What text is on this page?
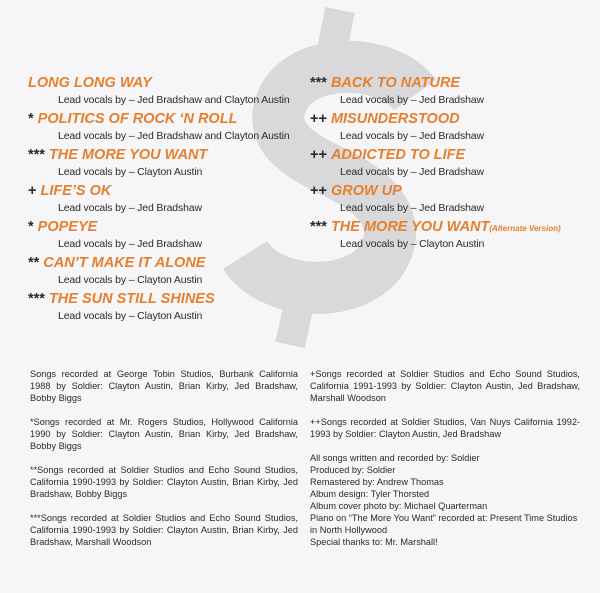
LONG LONG WAY
Lead vocals by – Jed Bradshaw and Clayton Austin
* POLITICS OF ROCK ‘N ROLL
Lead vocals by – Jed Bradshaw and Clayton Austin
*** THE MORE YOU WANT
Lead vocals by – Clayton Austin
+ LIFE’S OK
Lead vocals by – Jed Bradshaw
* POPEYE
Lead vocals by – Jed Bradshaw
** CAN’T MAKE IT ALONE
Lead vocals by – Clayton Austin
*** THE SUN STILL SHINES
Lead vocals by – Clayton Austin
*** BACK TO NATURE
Lead vocals by – Jed Bradshaw
++ MISUNDERSTOOD
Lead vocals by – Jed Bradshaw
++ ADDICTED TO LIFE
Lead vocals by – Jed Bradshaw
++ GROW UP
Lead vocals by – Jed Bradshaw
*** THE MORE YOU WANT(Alternate Version)
Lead vocals by – Clayton Austin

Songs recorded at George Tobin Studios, Burbank California 1988 by Soldier: Clayton Austin, Brian Kirby, Jed Bradshaw, Bobby Biggs

*Songs recorded at Mr. Rogers Studios, Hollywood California 1990 by Soldier: Clayton Austin, Brian Kirby, Jed Bradshaw, Bobby Biggs

**Songs recorded at Soldier Studios and Echo Sound Studios, California 1990-1993 by Soldier: Clayton Austin, Brian Kirby, Jed Bradshaw, Bobby Biggs

***Songs recorded at Soldier Studios and Echo Sound Studios, California 1990-1993 by Soldier: Clayton Austin, Brian Kirby, Jed Bradshaw, Marshall Woodson

+Songs recorded at Soldier Studios and Echo Sound Studios, California 1991-1993 by Soldier: Clayton Austin, Jed Bradshaw, Marshall Woodson

++Songs recorded at Soldier Studios, Van Nuys California 1992-1993 by Soldier: Clayton Austin, Jed Bradshaw

All songs written and recorded by: Soldier
Produced by: Soldier
Remastered by: Andrew Thomas
Album design: Tyler Thorsted
Album cover photo by: Michael Quarterman
Piano on “The More You Want” recorded at: Present Time Studios
in North Hollywood
Special thanks to: Mr. Marshall!
